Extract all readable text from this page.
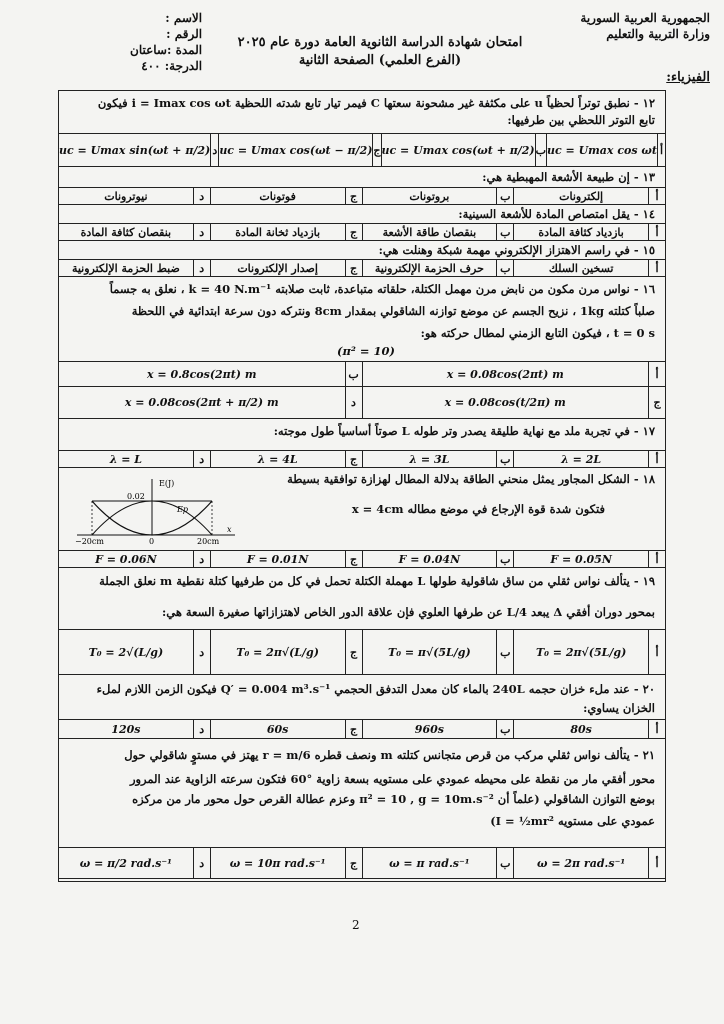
الاسم :
الرقم :
المدة :ساعتان
الدرجة: ٤٠٠
الجمهورية العربية السورية
وزارة التربية والتعليم
امتحان شهادة الدراسة الثانوية العامة دورة عام ٢٠٢٥
(الفرع العلمي) الصفحة الثانية
الفيزياء:
١٢ - نطبق توتراً لحظياً u على مكثفة غير مشحونة سعتها C فيمر تيار تابع شدته اللحظية i = Imax cos ωt فيكون
تابع التوتر اللحظي بين طرفيها:
أ
uc = Umax cos ωt
ب
uc = Umax cos(ωt + π/2)
ج
uc = Umax cos(ωt − π/2)
د
uc = Umax sin(ωt + π/2)
١٣ - إن طبيعة الأشعة المهبطية هي:
أ
إلكترونات
ب
بروتونات
ج
فوتونات
د
نيوترونات
١٤ - يقل امتصاص المادة للأشعة السينية:
أ
بازدياد كثافة المادة
ب
بنقصان طاقة الأشعة
ج
بازدياد ثخانة المادة
د
بنقصان كثافة المادة
١٥ - في راسم الاهتزاز الإلكتروني مهمة شبكة وهنلت هي:
أ
تسخين السلك
ب
حرف الحزمة الإلكترونية
ج
إصدار الإلكترونات
د
ضبط الحزمة الإلكترونية
١٦ - نواس مرن مكون من نابض مرن مهمل الكتلة، حلقاته متباعدة، ثابت صلابته k = 40 N.m⁻¹ ، نعلق به جسماً
صلباً كتلته 1kg ، نزيح الجسم عن موضع توازنه الشاقولي بمقدار 8cm ونتركه دون سرعة ابتدائية في اللحظة
t = 0 s ، فيكون التابع الزمني لمطال حركته هو:
(π² = 10)
أ
x = 0.08cos(2πt) m
ب
x = 0.8cos(2πt) m
ج
x = 0.08cos(t/2π) m
د
x = 0.08cos(2πt + π/2) m
١٧ - في تجربة ملد مع نهاية طليقة يصدر وتر طوله L صوتاً أساسياً طول موجته:
أ
λ = 2L
ب
λ = 3L
ج
λ = 4L
د
λ = L
١٨ - الشكل المجاور يمثل منحني الطاقة بدلالة المطال لهزازة توافقية بسيطة
فتكون شدة قوة الإرجاع في موضع مطاله x = 4cm
E(J)
0.02
Ep
−20cm	0	20cm
x
أ
F = 0.05N
ب
F = 0.04N
ج
F = 0.01N
د
F = 0.06N
١٩ - يتألف نواس ثقلي من ساق شاقولية طولها L مهملة الكتلة تحمل في كل من طرفيها كتلة نقطية m نعلق الجملة
بمحور دوران أفقي Δ يبعد L/4 عن طرفها العلوي فإن علاقة الدور الخاص لاهتزازاتها صغيرة السعة هي:
أ
T₀ = 2π√(5L/g)
ب
T₀ = π√(5L/g)
ج
T₀ = 2π√(L/g)
د
T₀ = 2√(L/g)
٢٠ - عند ملء خزان حجمه 240L بالماء كان معدل التدفق الحجمي Q′ = 0.004 m³.s⁻¹ فيكون الزمن اللازم لملء
الخزان يساوي:
أ
80s
ب
960s
ج
60s
د
120s
٢١ - يتألف نواس ثقلي مركب من قرص متجانس كتلته m ونصف قطره r = m/6 يهتز في مستوٍ شاقولي حول
محور أفقي مار من نقطة على محيطه عمودي على مستويه بسعة زاوية °60 فتكون سرعته الزاوية عند المرور
بوضع التوازن الشاقولي (علماً أن π² = 10 , g = 10m.s⁻² وعزم عطالة القرص حول محور مار من مركزه
عمودي على مستويه I = ½mr²)
أ
ω = 2π rad.s⁻¹
ب
ω = π rad.s⁻¹
ج
ω = 10π rad.s⁻¹
د
ω = π/2 rad.s⁻¹
2
